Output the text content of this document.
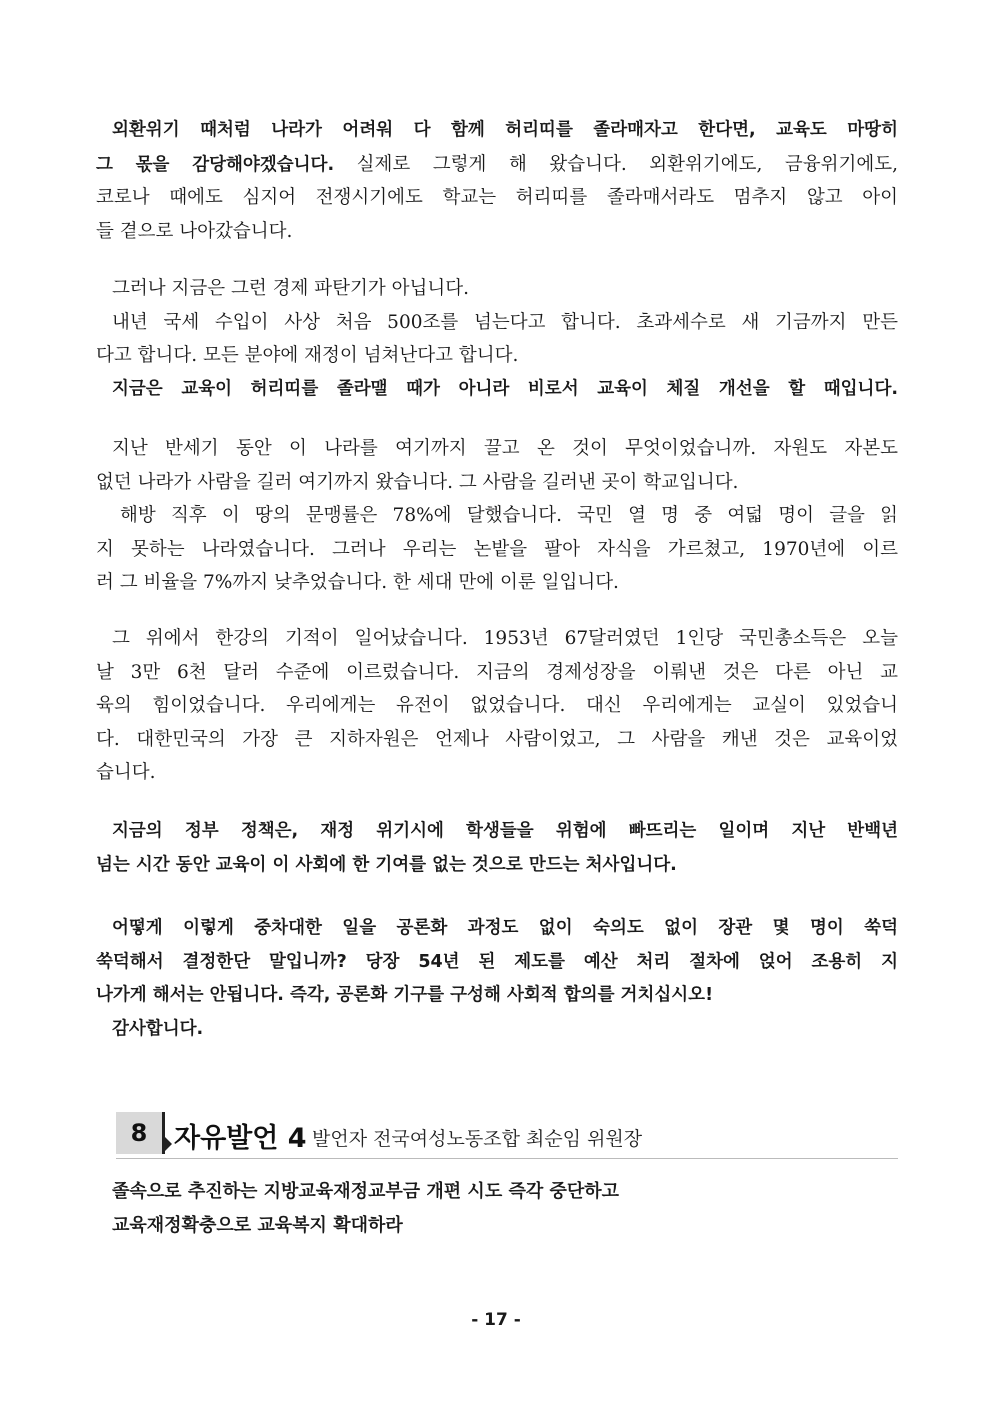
외환위기 때처럼 나라가 어려워 다 함께 허리띠를 졸라매자고 한다면, 교육도 마땅히
그 몫을 감당해야겠습니다. 실제로 그렇게 해 왔습니다. 외환위기에도, 금융위기에도,
코로나 때에도 심지어 전쟁시기에도 학교는 허리띠를 졸라매서라도 멈추지 않고 아이
들 곁으로 나아갔습니다.
그러나 지금은 그런 경제 파탄기가 아닙니다.
내년 국세 수입이 사상 처음 500조를 넘는다고 합니다. 초과세수로 새 기금까지 만든
다고 합니다. 모든 분야에 재정이 넘쳐난다고 합니다.
지금은 교육이 허리띠를 졸라맬 때가 아니라 비로서 교육이 체질 개선을 할 때입니다.
지난 반세기 동안 이 나라를 여기까지 끌고 온 것이 무엇이었습니까. 자원도 자본도
없던 나라가 사람을 길러 여기까지 왔습니다. 그 사람을 길러낸 곳이 학교입니다.
해방 직후 이 땅의 문맹률은 78%에 달했습니다. 국민 열 명 중 여덟 명이 글을 읽
지 못하는 나라였습니다. 그러나 우리는 논밭을 팔아 자식을 가르쳤고, 1970년에 이르
러 그 비율을 7%까지 낮추었습니다. 한 세대 만에 이룬 일입니다.
그 위에서 한강의 기적이 일어났습니다. 1953년 67달러였던 1인당 국민총소득은 오늘
날 3만 6천 달러 수준에 이르렀습니다. 지금의 경제성장을 이뤄낸 것은 다른 아닌 교
육의 힘이었습니다. 우리에게는 유전이 없었습니다. 대신 우리에게는 교실이 있었습니
다. 대한민국의 가장 큰 지하자원은 언제나 사람이었고, 그 사람을 캐낸 것은 교육이었
습니다.
지금의 정부 정책은, 재정 위기시에 학생들을 위험에 빠뜨리는 일이며 지난 반백년
넘는 시간 동안 교육이 이 사회에 한 기여를 없는 것으로 만드는 처사입니다.
어떻게 이렇게 중차대한 일을 공론화 과정도 없이 숙의도 없이 장관 몇 명이 쑥덕
쑥덕해서 결정한단 말입니까? 당장 54년 된 제도를 예산 처리 절차에 얹어 조용히 지
나가게 해서는 안됩니다. 즉각, 공론화 기구를 구성해 사회적 합의를 거치십시오!
감사합니다.
8 자유발언 4 발언자 전국여성노동조합 최순임 위원장
졸속으로 추진하는 지방교육재정교부금 개편 시도 즉각 중단하고
교육재정확충으로 교육복지 확대하라
- 17 -
